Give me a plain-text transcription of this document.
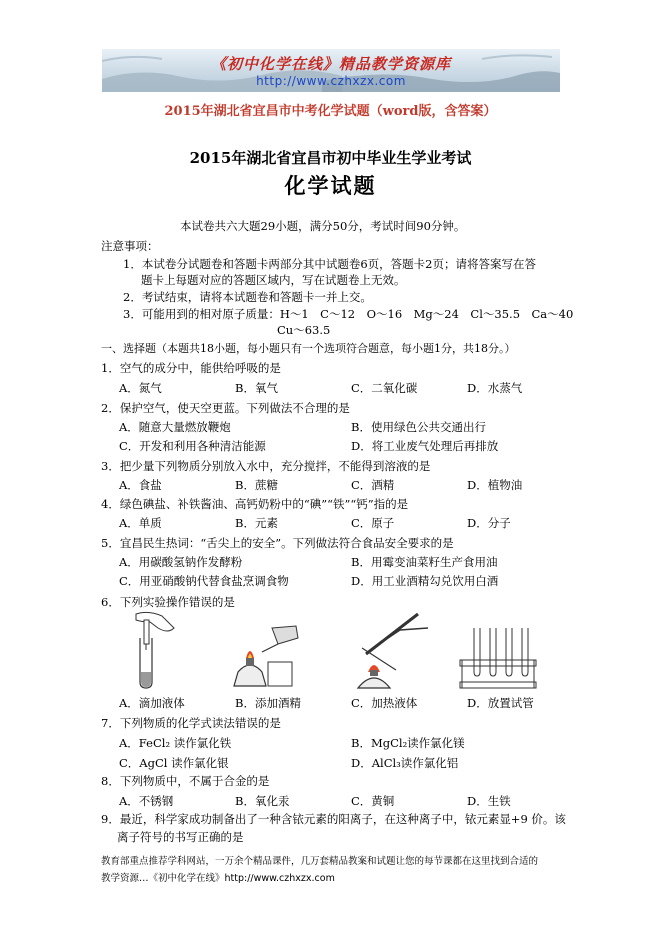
《初中化学在线》精品教学资源库
http://www.czhxzx.com
2015年湖北省宜昌市中考化学试题（word版，含答案）
2015年湖北省宜昌市初中毕业生学业考试
化学试题
本试卷共六大题29小题，满分50分，考试时间90分钟。
注意事项：
1．本试卷分试题卷和答题卡两部分其中试题卷6页，答题卡2页；请将答案写在答
题卡上每题对应的答题区域内，写在试题卷上无效。
2．考试结束，请将本试题卷和答题卡一并上交。
3．可能用到的相对原子质量：H～1　C～12　O～16　Mg～24　Cl～35.5　Ca～40
Cu～63.5
一、选择题（本题共18小题，每小题只有一个选项符合题意，每小题1分，共18分。）
1．空气的成分中，能供给呼吸的是
A．氮气	B．氧气	C．二氧化碳	D．水蒸气
2．保护空气，使天空更蓝。下列做法不合理的是
A．随意大量燃放鞭炮	B．使用绿色公共交通出行
C．开发和利用各种清洁能源	D．将工业废气处理后再排放
3．把少量下列物质分别放入水中，充分搅拌，不能得到溶液的是
A．食盐	B．蔗糖	C．酒精	D．植物油
4．绿色碘盐、补铁酱油、高钙奶粉中的“碘”“铁”“钙”指的是
A．单质	B．元素	C．原子	D．分子
5．宜昌民生热词：“舌尖上的安全”。下列做法符合食品安全要求的是
A．用碳酸氢钠作发酵粉	B．用霉变油菜籽生产食用油
C．用亚硝酸钠代替食盐烹调食物	D．用工业酒精勾兑饮用白酒
6．下列实验操作错误的是
A．滴加液体	B．添加酒精	C．加热液体	D．放置试管
7．下列物质的化学式读法错误的是
A．FeCl₂ 读作氯化铁	B．MgCl₂读作氯化镁
C．AgCl 读作氯化银	D．AlCl₃读作氯化铝
8．下列物质中，不属于合金的是
A．不锈钢	B．氧化汞	C．黄铜	D．生铁
9．最近，科学家成功制备出了一种含铱元素的阳离子，在这种离子中，铱元素显+9 价。该
离子符号的书写正确的是
教育部重点推荐学科网站，一万余个精品课件，几万套精品教案和试题让您的每节课都在这里找到合适的
教学资源…《初中化学在线》http://www.czhxzx.com
